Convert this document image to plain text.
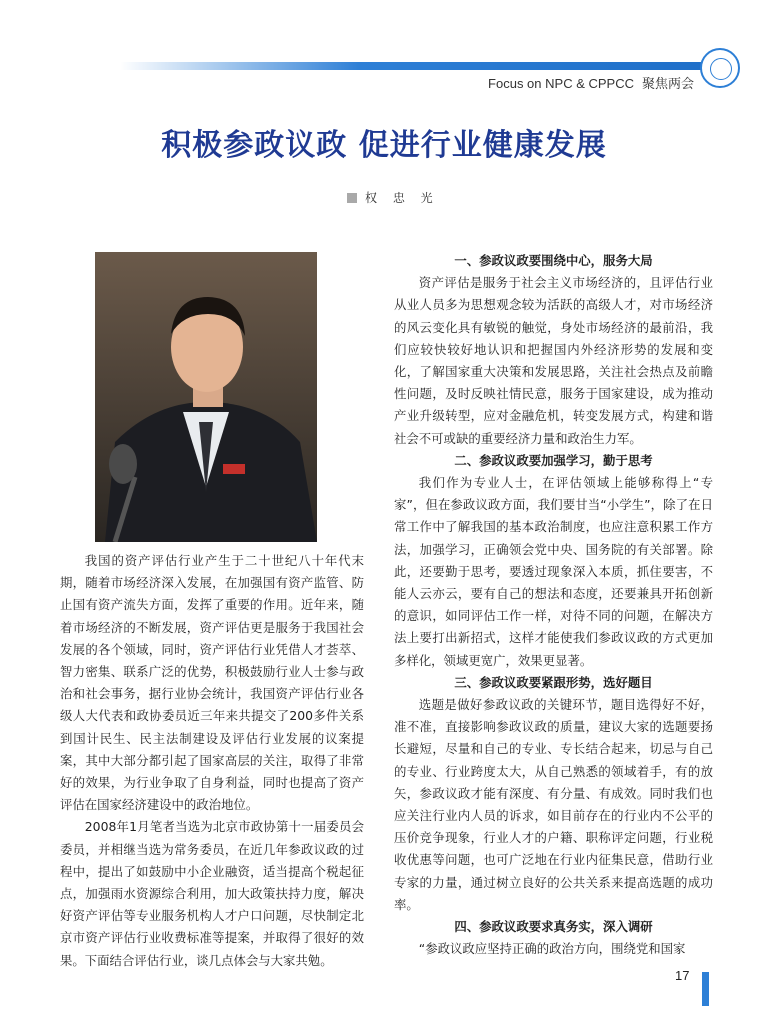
Focus on NPC & CPPCC 聚焦两会
积极参政议政 促进行业健康发展
权 忠 光

我国的资产评估行业产生于二十世纪八十年代末期，随着市场经济深入发展，在加强国有资产监管、防止国有资产流失方面，发挥了重要的作用。近年来，随着市场经济的不断发展，资产评估更是服务于我国社会发展的各个领域，同时，资产评估行业凭借人才荟萃、智力密集、联系广泛的优势，积极鼓励行业人士参与政治和社会事务，据行业协会统计，我国资产评估行业各级人大代表和政协委员近三年来共提交了200多件关系到国计民生、民主法制建设及评估行业发展的议案提案，其中大部分都引起了国家高层的关注，取得了非常好的效果，为行业争取了自身利益，同时也提高了资产评估在国家经济建设中的政治地位。

2008年1月笔者当选为北京市政协第十一届委员会委员，并相继当选为常务委员，在近几年参政议政的过程中，提出了如鼓励中小企业融资，适当提高个税起征点，加强雨水资源综合利用，加大政策扶持力度，解决好资产评估等专业服务机构人才户口问题，尽快制定北京市资产评估行业收费标准等提案，并取得了很好的效果。下面结合评估行业，谈几点体会与大家共勉。

一、参政议政要围绕中心，服务大局

资产评估是服务于社会主义市场经济的，且评估行业从业人员多为思想观念较为活跃的高级人才，对市场经济的风云变化具有敏锐的触觉，身处市场经济的最前沿，我们应较快较好地认识和把握国内外经济形势的发展和变化，了解国家重大决策和发展思路，关注社会热点及前瞻性问题，及时反映社情民意，服务于国家建设，成为推动产业升级转型，应对金融危机，转变发展方式，构建和谐社会不可或缺的重要经济力量和政治生力军。

二、参政议政要加强学习，勤于思考

我们作为专业人士，在评估领域上能够称得上“专家”，但在参政议政方面，我们要甘当“小学生”，除了在日常工作中了解我国的基本政治制度，也应注意积累工作方法，加强学习，正确领会党中央、国务院的有关部署。除此，还要勤于思考，要透过现象深入本质，抓住要害，不能人云亦云，要有自己的想法和态度，还要兼具开拓创新的意识，如同评估工作一样，对待不同的问题，在解决方法上要打出新招式，这样才能使我们参政议政的方式更加多样化，领域更宽广，效果更显著。

三、参政议政要紧跟形势，选好题目

选题是做好参政议政的关键环节，题目选得好不好，准不准，直接影响参政议政的质量，建议大家的选题要扬长避短，尽量和自己的专业、专长结合起来，切忌与自己的专业、行业跨度太大，从自己熟悉的领域着手，有的放矢，参政议政才能有深度、有分量、有成效。同时我们也应关注行业内人员的诉求，如目前存在的行业内不公平的压价竞争现象，行业人才的户籍、职称评定问题，行业税收优惠等问题，也可广泛地在行业内征集民意，借助行业专家的力量，通过树立良好的公共关系来提高选题的成功率。

四、参政议政要求真务实，深入调研

“参政议政应坚持正确的政治方向，围绕党和国家

17
